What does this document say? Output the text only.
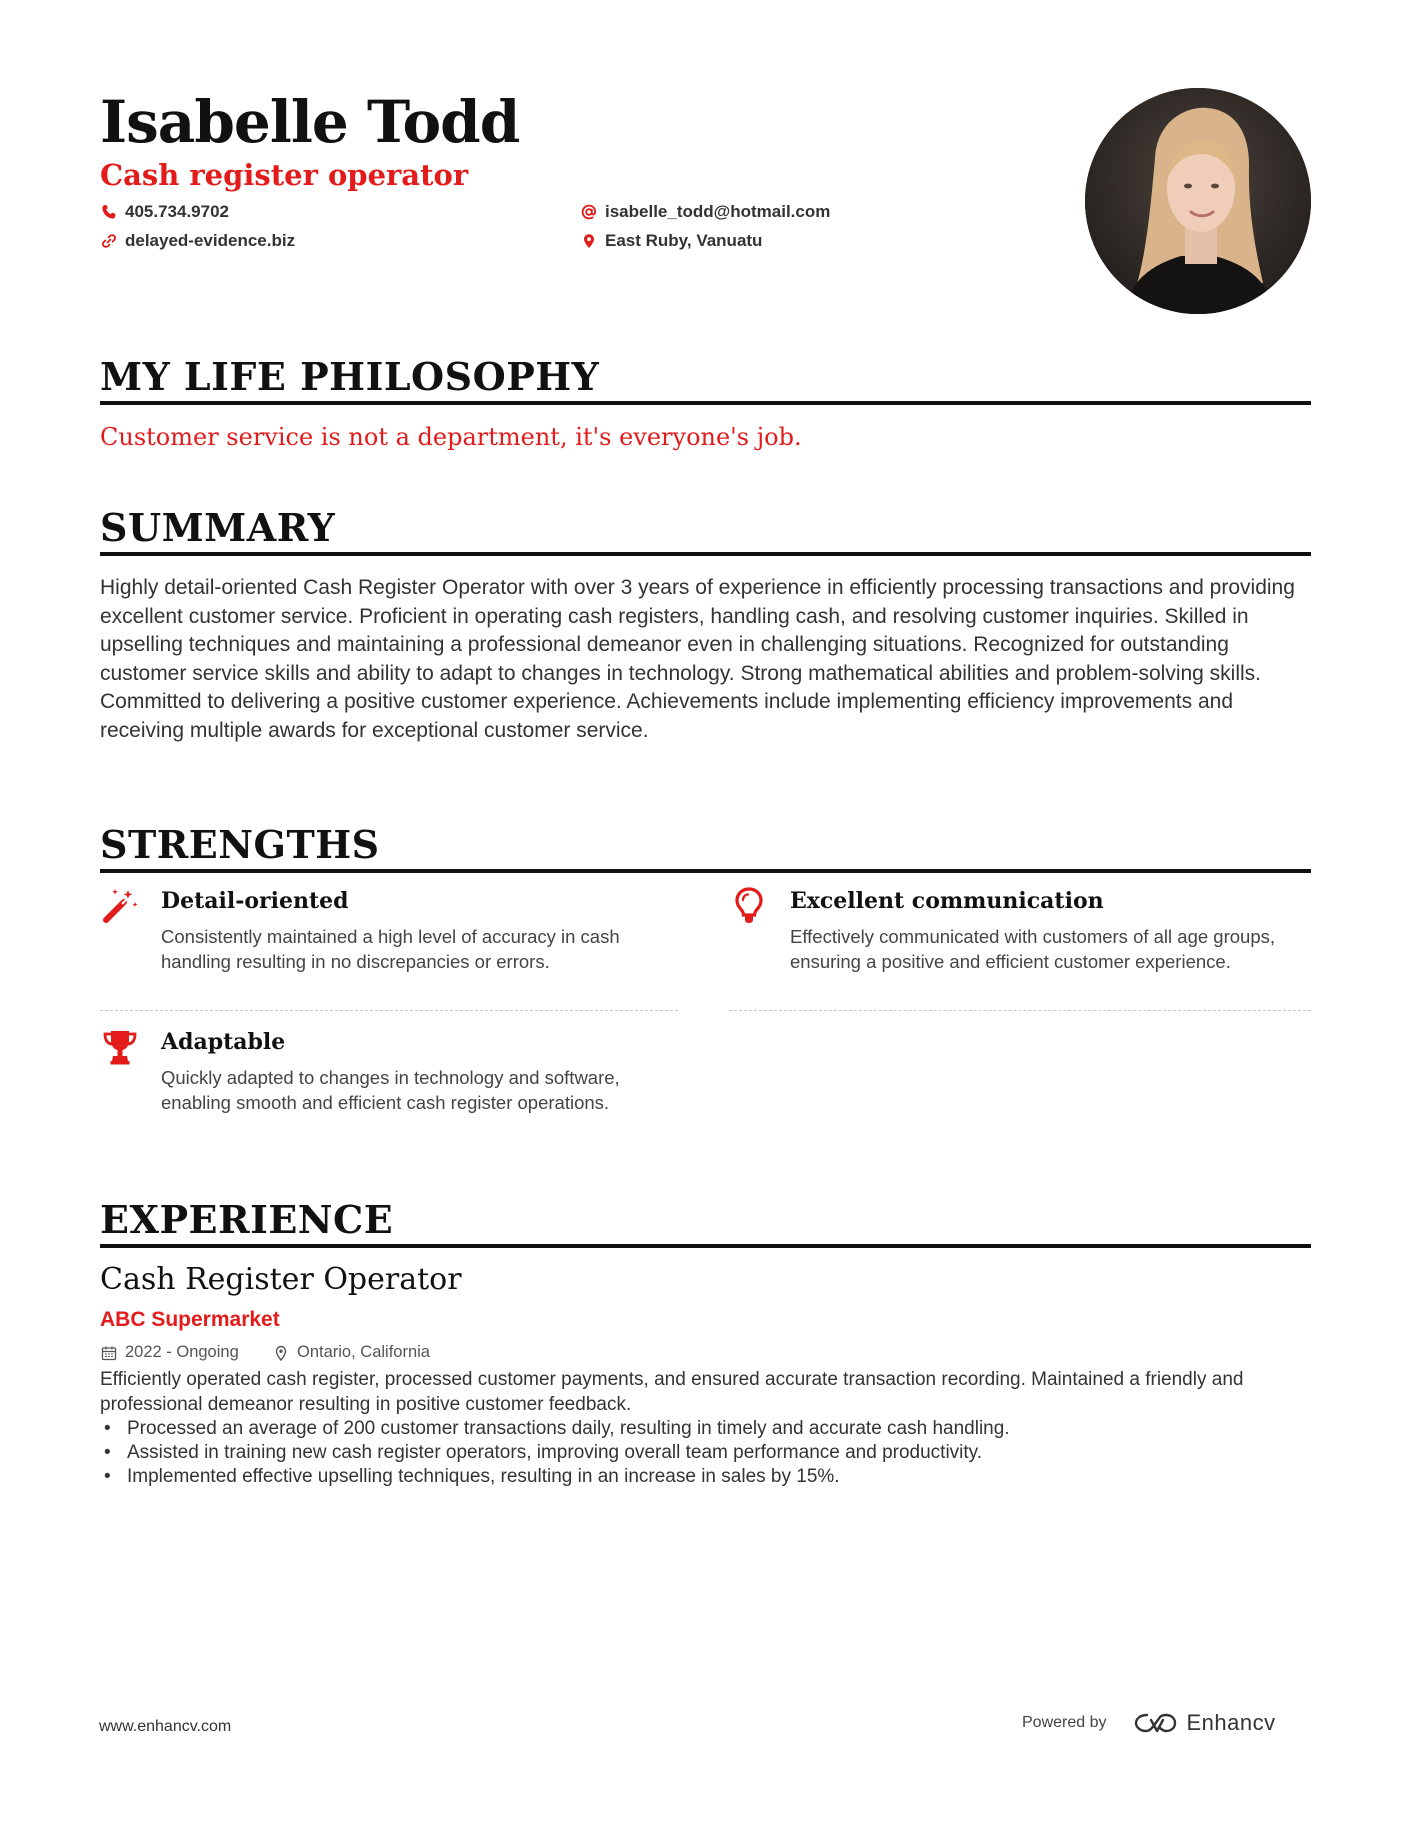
Isabelle Todd
Cash register operator
405.734.9702	isabelle_todd@hotmail.com
delayed-evidence.biz	East Ruby, Vanuatu
MY LIFE PHILOSOPHY
Customer service is not a department, it's everyone's job.
SUMMARY
Highly detail-oriented Cash Register Operator with over 3 years of experience in efficiently processing transactions and providing excellent customer service. Proficient in operating cash registers, handling cash, and resolving customer inquiries. Skilled in upselling techniques and maintaining a professional demeanor even in challenging situations. Recognized for outstanding customer service skills and ability to adapt to changes in technology. Strong mathematical abilities and problem-solving skills. Committed to delivering a positive customer experience. Achievements include implementing efficiency improvements and receiving multiple awards for exceptional customer service.
STRENGTHS
Detail-oriented
Consistently maintained a high level of accuracy in cash handling resulting in no discrepancies or errors.
Excellent communication
Effectively communicated with customers of all age groups, ensuring a positive and efficient customer experience.
Adaptable
Quickly adapted to changes in technology and software, enabling smooth and efficient cash register operations.
EXPERIENCE
Cash Register Operator
ABC Supermarket
2022 - Ongoing	Ontario, California
Efficiently operated cash register, processed customer payments, and ensured accurate transaction recording. Maintained a friendly and professional demeanor resulting in positive customer feedback.
• Processed an average of 200 customer transactions daily, resulting in timely and accurate cash handling.
• Assisted in training new cash register operators, improving overall team performance and productivity.
• Implemented effective upselling techniques, resulting in an increase in sales by 15%.
www.enhancv.com	Powered by	Enhancv
